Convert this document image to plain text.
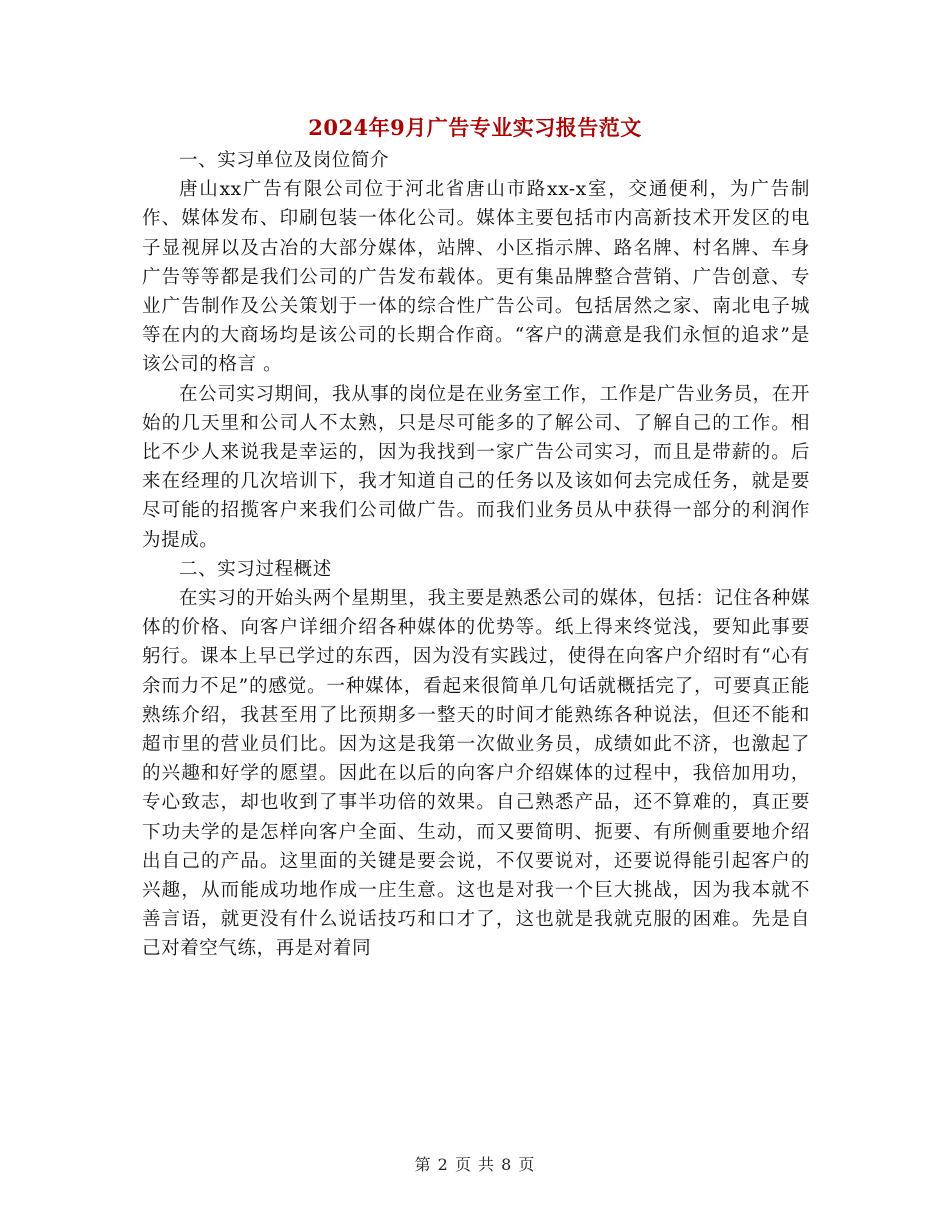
2024年9月广告专业实习报告范文

一、实习单位及岗位简介

唐山xx广告有限公司位于河北省唐山市路xx-x室，交通便利，为广告制作、媒体发布、印刷包装一体化公司。媒体主要包括市内高新技术开发区的电子显视屏以及古冶的大部分媒体，站牌、小区指示牌、路名牌、村名牌、车身广告等等都是我们公司的广告发布载体。更有集品牌整合营销、广告创意、专业广告制作及公关策划于一体的综合性广告公司。包括居然之家、南北电子城等在内的大商场均是该公司的长期合作商。“客户的满意是我们永恒的追求”是该公司的格言 。

在公司实习期间，我从事的岗位是在业务室工作，工作是广告业务员，在开始的几天里和公司人不太熟，只是尽可能多的了解公司、了解自己的工作。相比不少人来说我是幸运的，因为我找到一家广告公司实习，而且是带薪的。后来在经理的几次培训下，我才知道自己的任务以及该如何去完成任务，就是要尽可能的招揽客户来我们公司做广告。而我们业务员从中获得一部分的利润作为提成。

二、实习过程概述

在实习的开始头两个星期里，我主要是熟悉公司的媒体，包括：记住各种媒体的价格、向客户详细介绍各种媒体的优势等。纸上得来终觉浅，要知此事要躬行。课本上早已学过的东西，因为没有实践过，使得在向客户介绍时有“心有余而力不足”的感觉。一种媒体，看起来很简单几句话就概括完了，可要真正能熟练介绍，我甚至用了比预期多一整天的时间才能熟练各种说法，但还不能和超市里的营业员们比。因为这是我第一次做业务员，成绩如此不济，也激起了的兴趣和好学的愿望。因此在以后的向客户介绍媒体的过程中，我倍加用功，专心致志，却也收到了事半功倍的效果。自己熟悉产品，还不算难的，真正要下功夫学的是怎样向客户全面、生动，而又要简明、扼要、有所侧重要地介绍出自己的产品。这里面的关键是要会说，不仅要说对，还要说得能引起客户的兴趣，从而能成功地作成一庄生意。这也是对我一个巨大挑战，因为我本就不善言语，就更没有什么说话技巧和口才了，这也就是我就克服的困难。先是自己对着空气练，再是对着同

第 2 页 共 8 页
